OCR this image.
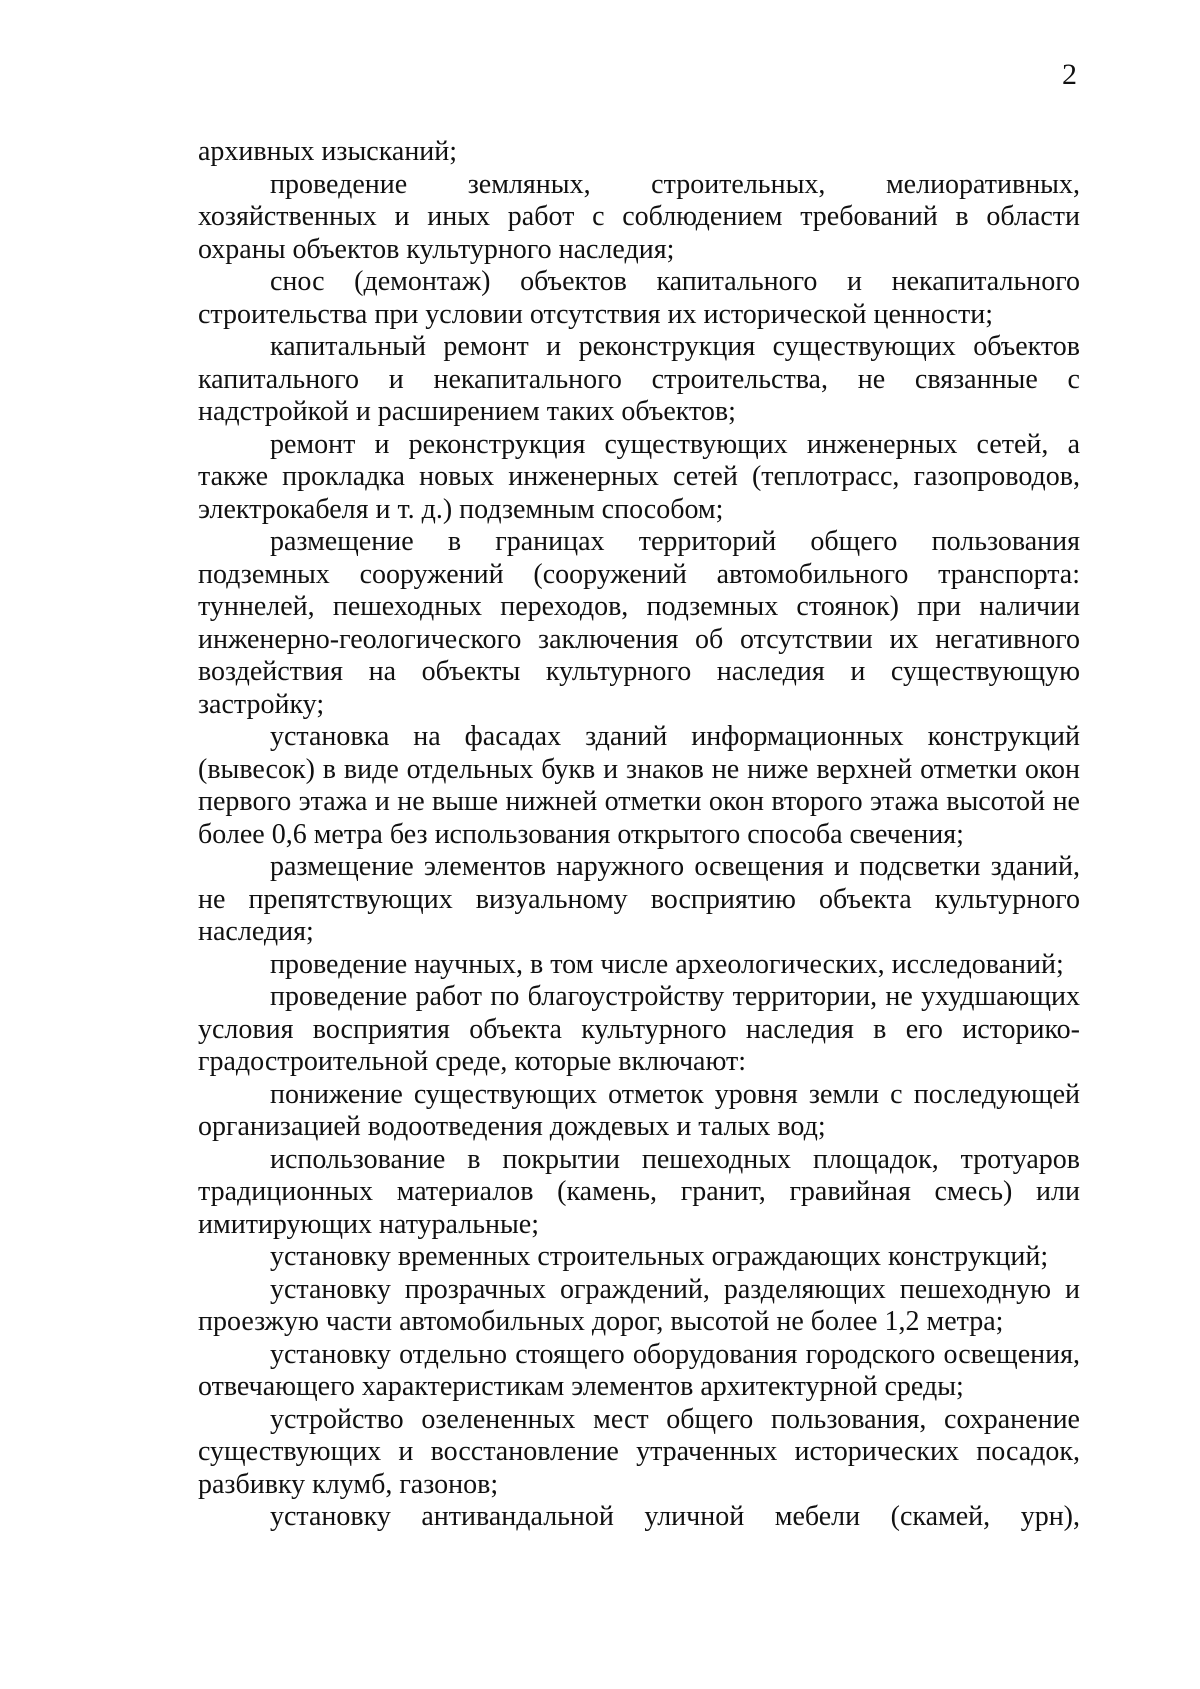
2

архивных изысканий;

проведение земляных, строительных, мелиоративных, хозяйственных и иных работ с соблюдением требований в области охраны объектов культурного наследия;

снос (демонтаж) объектов капитального и некапитального строительства при условии отсутствия их исторической ценности;

капитальный ремонт и реконструкция существующих объектов капитального и некапитального строительства, не связанные с надстройкой и расширением таких объектов;

ремонт и реконструкция существующих инженерных сетей, а также прокладка новых инженерных сетей (теплотрасс, газопроводов, электрокабеля и т. д.) подземным способом;

размещение в границах территорий общего пользования подземных сооружений (сооружений автомобильного транспорта: туннелей, пешеходных переходов, подземных стоянок) при наличии инженерно-геологического заключения об отсутствии их негативного воздействия на объекты культурного наследия и существующую застройку;

установка на фасадах зданий информационных конструкций (вывесок) в виде отдельных букв и знаков не ниже верхней отметки окон первого этажа и не выше нижней отметки окон второго этажа высотой не более 0,6 метра без использования открытого способа свечения;

размещение элементов наружного освещения и подсветки зданий, не препятствующих визуальному восприятию объекта культурного наследия;

проведение научных, в том числе археологических, исследований;

проведение работ по благоустройству территории, не ухудшающих условия восприятия объекта культурного наследия в его историко-градостроительной среде, которые включают:

понижение существующих отметок уровня земли с последующей организацией водоотведения дождевых и талых вод;

использование в покрытии пешеходных площадок, тротуаров традиционных материалов (камень, гранит, гравийная смесь) или имитирующих натуральные;

установку временных строительных ограждающих конструкций;

установку прозрачных ограждений, разделяющих пешеходную и проезжую части автомобильных дорог, высотой не более 1,2 метра;

установку отдельно стоящего оборудования городского освещения, отвечающего характеристикам элементов архитектурной среды;

устройство озелененных мест общего пользования, сохранение существующих и восстановление утраченных исторических посадок, разбивку клумб, газонов;

установку антивандальной уличной мебели (скамей, урн),
